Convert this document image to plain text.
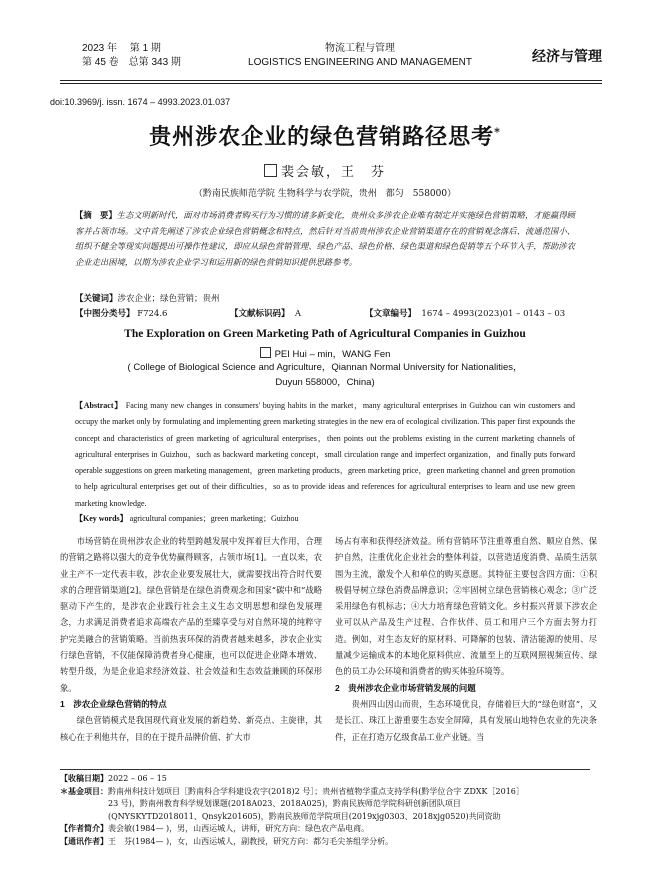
2023 年　 第 1 期
第 45 卷　总第 343 期
物流工程与管理
LOGISTICS ENGINEERING AND MANAGEMENT	经济与管理
doi:10.3969/j. issn. 1674 – 4993.2023.01.037
贵州涉农企业的绿色营销路径思考*
裴会敏，王　芬
（黔南民族师范学院 生物科学与农学院，贵州　都匀　558000）
【摘　要】生态文明新时代，面对市场消费者购买行为习惯的诸多新变化，贵州众多涉农企业唯有制定并实施绿色营销策略，才能赢得顾客并占领市场。文中首先阐述了涉农企业绿色营销概念和特点，然后针对当前贵州涉农企业营销渠道存在的营销观念落后、流通范围小、组织不健全等现实问题提出可操作性建议，即应从绿色营销管理、绿色产品、绿色价格、绿色渠道和绿色促销等五个环节入手，帮助涉农企业走出困境，以期为涉农企业学习和运用新的绿色营销知识提供思路参考。
【关键词】涉农企业；绿色营销；贵州
【中图分类号】 F724.6	【文献标识码】 A	【文章编号】 1674 – 4993(2023)01 – 0143 – 03
The Exploration on Green Marketing Path of Agricultural Companies in Guizhou
PEI Hui – min，WANG Fen
( College of Biological Science and Agriculture，Qiannan Normal University for Nationalities，
Duyun 558000，China)
【Abstract】 Facing many new changes in consumers' buying habits in the market，many agricultural enterprises in Guizhou can win customers and occupy the market only by formulating and implementing green marketing strategies in the new era of ecological civilization. This paper first expounds the concept and characteristics of green marketing of agricultural enterprises，then points out the problems existing in the current marketing channels of agricultural enterprises in Guizhou，such as backward marketing concept，small circulation range and imperfect organization，and finally puts forward operable suggestions on green marketing management，green marketing products，green marketing price，green marketing channel and green promotion to help agricultural enterprises get out of their difficulties，so as to provide ideas and references for agricultural enterprises to learn and use new green marketing knowledge.
【Key words】 agricultural companies；green marketing；Guizhou

市场营销在贵州涉农企业的转型跨越发展中发挥着巨大作用，合理的营销之路将以强大的竞争优势赢得顾客，占领市场[1]。一直以来，农业主产不一定代表丰收，涉农企业要发展壮大，就需要找出符合时代要求的合理营销渠道[2]。绿色营销是在绿色消费观念和国家“碳中和”战略驱动下产生的，是涉农企业践行社会主义生态文明思想和绿色发展理念，力求满足消费者追求高端农产品的至臻享受与对自然环境的纯粹守护完美融合的营销策略。当前热衷环保的消费者越来越多，涉农企业实行绿色营销，不仅能保障消费者身心健康，也可以促进企业降本增效、转型升级，为是企业追求经济效益、社会效益和生态效益兼顾的环保形象。

1　涉农企业绿色营销的特点

绿色营销模式是我国现代商业发展的新趋势、新亮点、主旋律，其核心在于利他共存，目的在于提升品牌价值、扩大市

场占有率和获得经济效益。所有营销环节注重尊重自然、顺应自然、保护自然，注重优化企业社会的整体利益，以营造适度消费、品质生活氛围为主流，激发个人和单位的购买意愿。其特征主要包含四方面：①积极倡导树立绿色消费品牌意识；②牢固树立绿色营销核心观念；③广泛采用绿色有机标志；④大力培育绿色营销文化。乡村振兴背景下涉农企业可以从产品及生产过程、合作伙伴、员工和用户三个方面去努力打造。例如，对生态友好的原材料、可降解的包装、清洁能源的使用、尽量减少运输成本的本地化原料供应、流量至上的互联网照视频宣传、绿色的员工办公环境和消费者的购买体验环境等。

2　贵州涉农企业市场营销发展的问题

贵州四山因山而贵，生态环境优良，存储着巨大的“绿色财富”，又是长江、珠江上游重要生态安全屏障，具有发展山地特色农业的先决条件，正在打造万亿级食品工业产业链。当

【收稿日期】2022 – 06 – 15
＊基金项目：黔南州科技计划项目［黔南科合学科建设农字(2018)2 号］；贵州省植物学重点支持学科(黔学位合字 ZDXK［2016］
23 号)，黔南州教育科学规划课题(2018A023、2018A025)，黔南民族师范学院科研创新团队项目
(QNYSKYTD2018011、Qnsyk201605)，黔南民族师范学院项目(2019xjg0303、2018xjg0520)共同资助
【作者简介】裴会敏(1984— )，男，山西运城人，讲师，研究方向：绿色农产品电商。
【通讯作者】王　芬(1984— )，女，山西运城人，副教授，研究方向：都匀毛尖茶组学分析。
